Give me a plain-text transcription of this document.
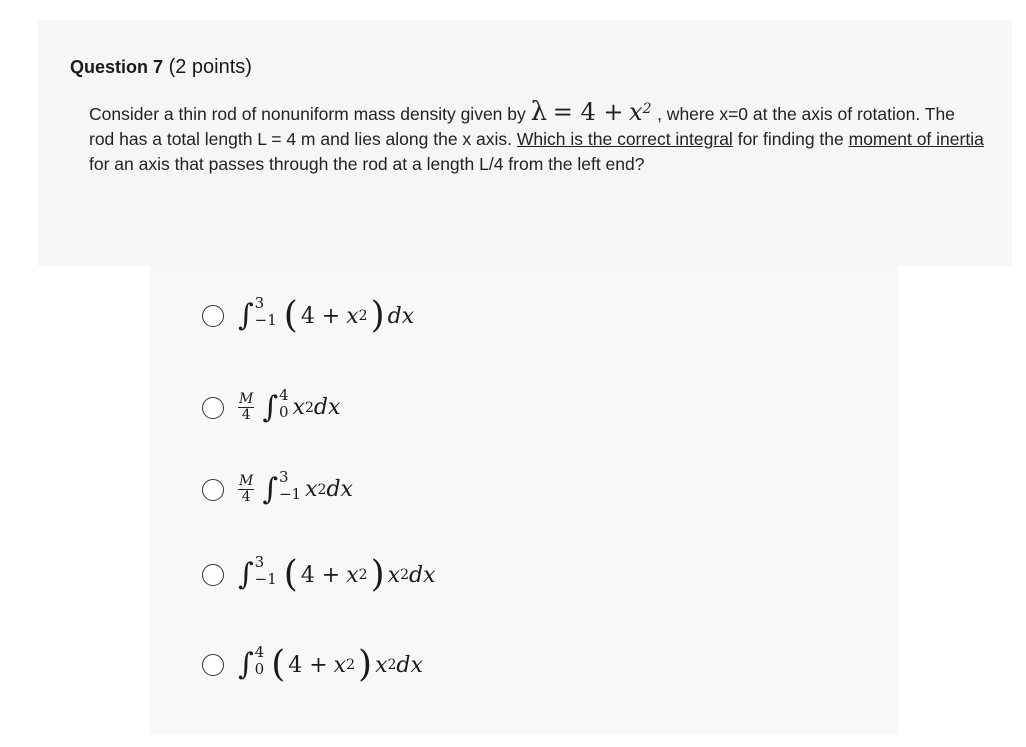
Question 7 (2 points)
Consider a thin rod of nonuniform mass density given by $\lambda = 4 + x^2$ , where x=0 at the axis of rotation. The rod has a total length L = 4 m and lies along the x axis. Which is the correct integral for finding the moment of inertia for an axis that passes through the rod at a length L/4 from the left end?
∫ 3
−1 ( 4 + x 2 ) dx
$\frac{M}{4}$ ∫ 4
0 x 2 dx
$\frac{M}{4}$ ∫ 3
−1 x 2 dx
∫ 3
−1 ( 4 + x 2 ) x 2 dx
∫ 4
0 ( 4 + x 2 ) x 2 dx
